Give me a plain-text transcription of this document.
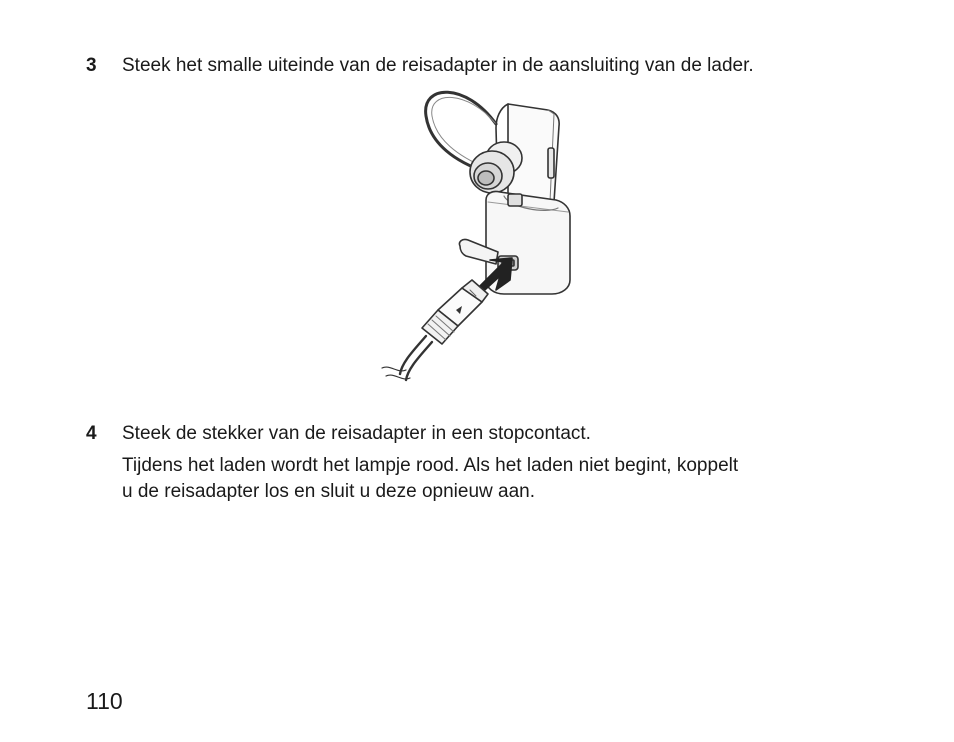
3 Steek het smalle uiteinde van de reisadapter in de aansluiting van de lader.
4 Steek de stekker van de reisadapter in een stopcontact.
Tijdens het laden wordt het lampje rood. Als het laden niet begint, koppelt
u de reisadapter los en sluit u deze opnieuw aan.
110
